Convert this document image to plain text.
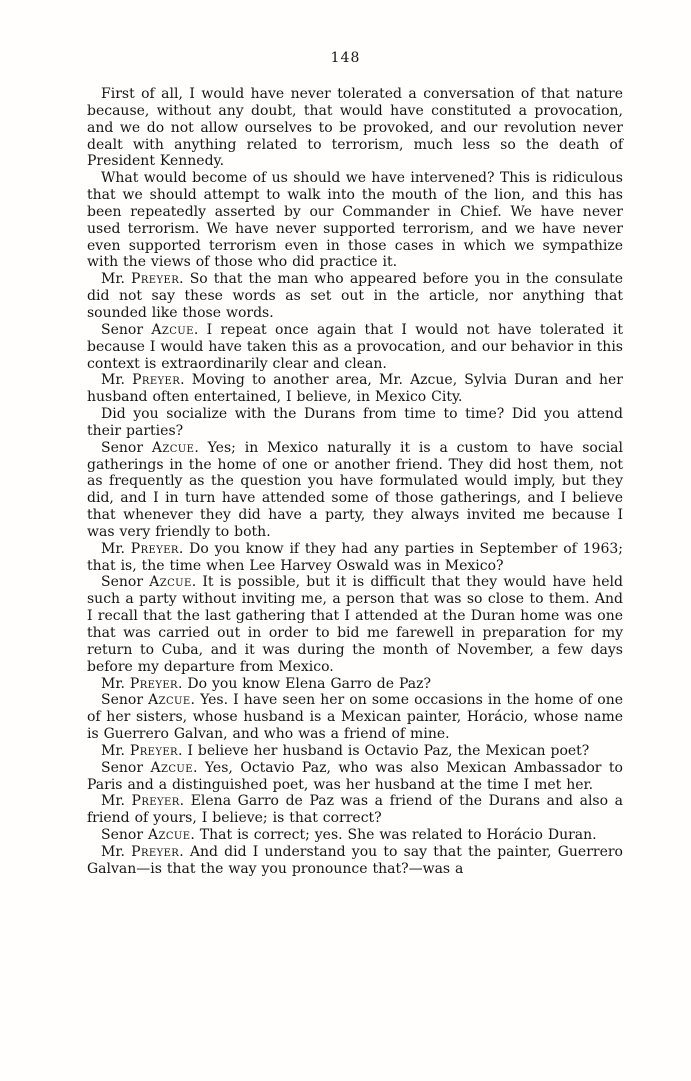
148

First of all, I would have never tolerated a conversation of that nature because, without any doubt, that would have constituted a provocation, and we do not allow ourselves to be provoked, and our revolution never dealt with anything related to terrorism, much less so the death of President Kennedy.

What would become of us should we have intervened? This is ridiculous that we should attempt to walk into the mouth of the lion, and this has been repeatedly asserted by our Commander in Chief. We have never used terrorism. We have never supported terrorism, and we have never even supported terrorism even in those cases in which we sympathize with the views of those who did practice it.

Mr. Preyer. So that the man who appeared before you in the consulate did not say these words as set out in the article, nor anything that sounded like those words.

Senor Azcue. I repeat once again that I would not have tolerated it because I would have taken this as a provocation, and our behavior in this context is extraordinarily clear and clean.

Mr. Preyer. Moving to another area, Mr. Azcue, Sylvia Duran and her husband often entertained, I believe, in Mexico City.

Did you socialize with the Durans from time to time? Did you attend their parties?

Senor Azcue. Yes; in Mexico naturally it is a custom to have social gatherings in the home of one or another friend. They did host them, not as frequently as the question you have formulated would imply, but they did, and I in turn have attended some of those gatherings, and I believe that whenever they did have a party, they always invited me because I was very friendly to both.

Mr. Preyer. Do you know if they had any parties in September of 1963; that is, the time when Lee Harvey Oswald was in Mexico?

Senor Azcue. It is possible, but it is difficult that they would have held such a party without inviting me, a person that was so close to them. And I recall that the last gathering that I attended at the Duran home was one that was carried out in order to bid me farewell in preparation for my return to Cuba, and it was during the month of November, a few days before my departure from Mexico.

Mr. Preyer. Do you know Elena Garro de Paz?

Senor Azcue. Yes. I have seen her on some occasions in the home of one of her sisters, whose husband is a Mexican painter, Horácio, whose name is Guerrero Galvan, and who was a friend of mine.

Mr. Preyer. I believe her husband is Octavio Paz, the Mexican poet?

Senor Azcue. Yes, Octavio Paz, who was also Mexican Ambassador to Paris and a distinguished poet, was her husband at the time I met her.

Mr. Preyer. Elena Garro de Paz was a friend of the Durans and also a friend of yours, I believe; is that correct?

Senor Azcue. That is correct; yes. She was related to Horácio Duran.

Mr. Preyer. And did I understand you to say that the painter, Guerrero Galvan—is that the way you pronounce that?—was a
